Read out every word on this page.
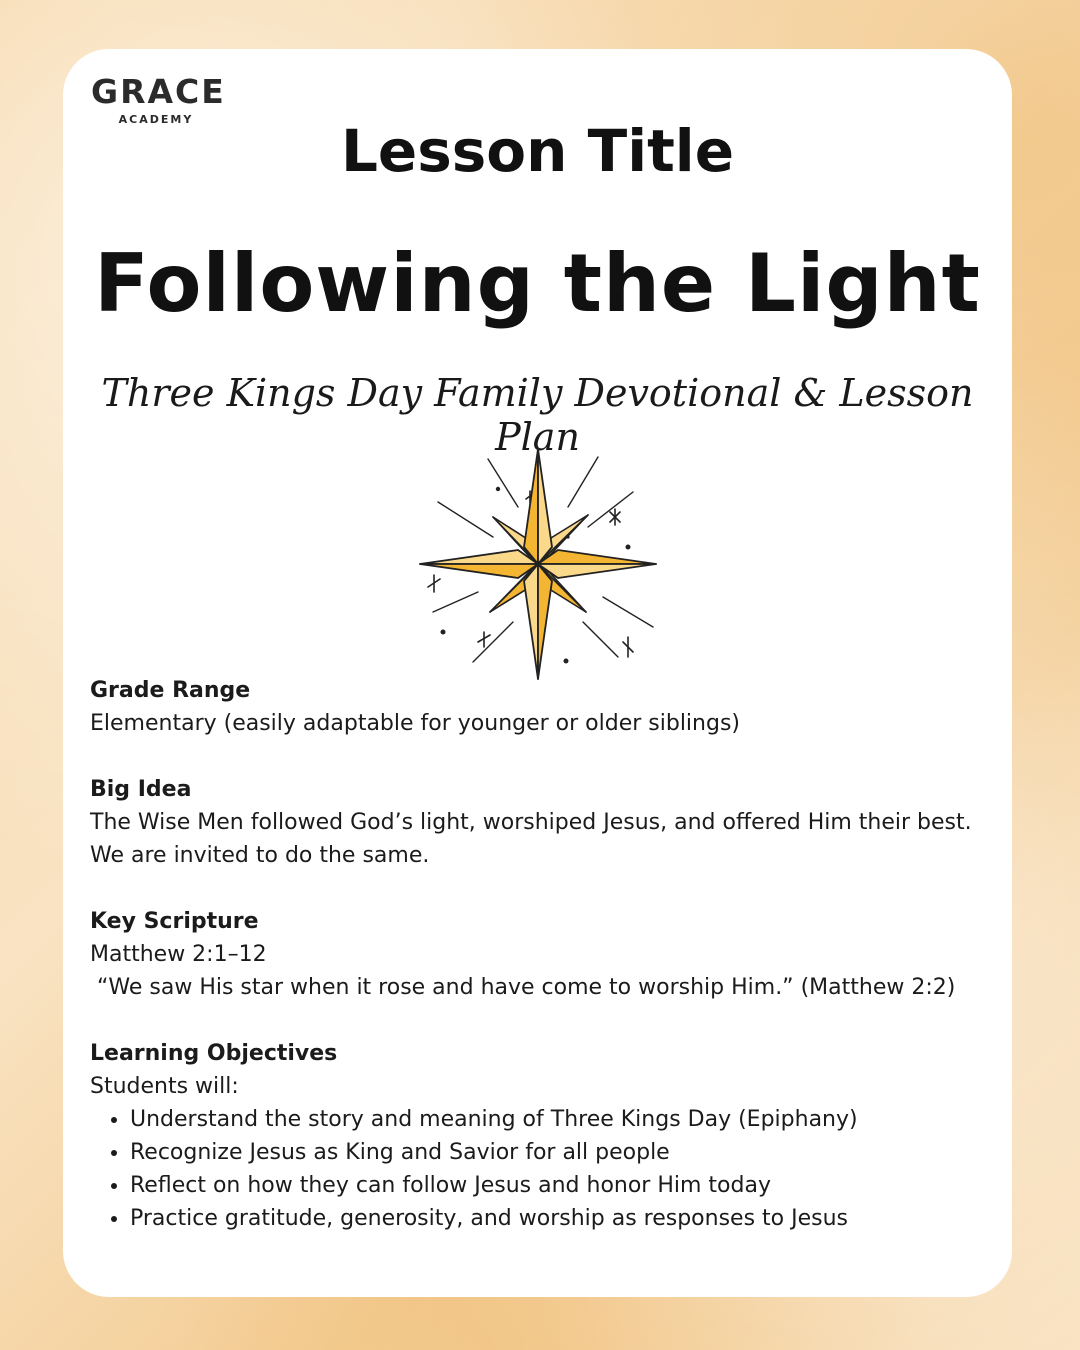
GRACE
ACADEMY	Lesson Title
Following the Light
Three Kings Day Family Devotional & Lesson Plan
Grade Range
Elementary (easily adaptable for younger or older siblings)
Big Idea
The Wise Men followed God’s light, worshiped Jesus, and offered Him their best. We are invited to do the same.
Key Scripture
Matthew 2:1–12
“We saw His star when it rose and have come to worship Him.” (Matthew 2:2)
Learning Objectives
Students will:
• Understand the story and meaning of Three Kings Day (Epiphany)
• Recognize Jesus as King and Savior for all people
• Reflect on how they can follow Jesus and honor Him today
• Practice gratitude, generosity, and worship as responses to Jesus
